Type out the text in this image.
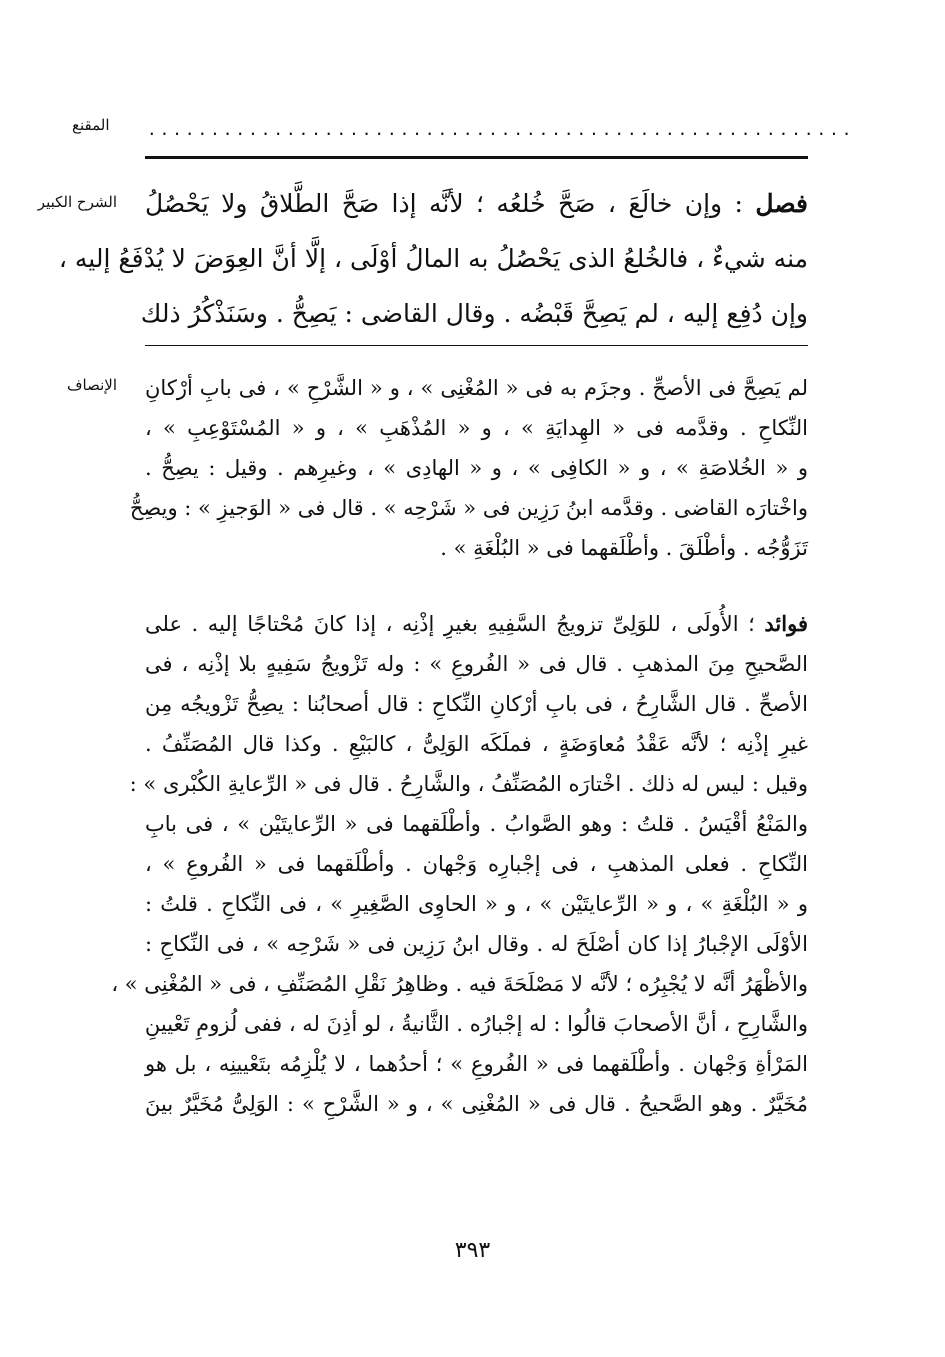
........................................................
المقنع
الشرح الكبير	فصل : وإن خالَعَ ، صَحَّ خُلعُه ؛ لأنَّه إذا صَحَّ الطَّلاقُ ولا يَحْصُلُ
منه شيءٌ ، فالخُلعُ الذى يَحْصُلُ به المالُ أوْلَى ، إلَّا أنَّ العِوَضَ لا يُدْفَعُ إليه ،
وإن دُفِع إليه ، لم يَصِحَّ قَبْضُه . وقال القاضى : يَصِحُّ . وسَنَذْكُرُ ذلك
الإنصاف لم يَصِحَّ فى الأصحِّ . وجزَم به فى « المُغْنِى » ، و « الشَّرْحِ » ، فى بابِ أرْكانِ
النِّكاحِ . وقدَّمه فى « الهِدايَةِ » ، و « المُذْهَبِ » ، و « المُسْتَوْعِبِ » ،
و « الخُلاصَةِ » ، و « الكافِى » ، و « الهادِى » ، وغيرِهم . وقيل : يصِحُّ .
واخْتارَه القاضى . وقدَّمه ابنُ رَزِين فى « شَرْحِه » . قال فى « الوَجيزِ » : ويصِحُّ
تَزَوُّجُه . وأطْلَقَ . وأطْلَقهما فى « البُلْغَةِ » .
فوائد ؛ الأُولَى ، للوَلِىِّ تزويجُ السَّفِيهِ بغيرِ إذْنِه ، إذا كانَ مُحْتاجًا إليه . على
الصَّحيحِ مِنَ المذهبِ . قال فى « الفُروعِ » : وله تَزْويجُ سَفِيهٍ بلا إذْنِه ، فى
الأصحِّ . قال الشَّارِحُ ، فى بابِ أرْكانِ النِّكاحِ : قال أصحابُنا : يصِحُّ تَزْويجُه مِن
غيرِ إذْنِه ؛ لأنَّه عَقْدُ مُعاوَضَةٍ ، فملَكَه الوَلِىُّ ، كالبَيْعِ . وكذا قال المُصَنِّفُ .
وقيل : ليس له ذلك . اخْتارَه المُصَنِّفُ ، والشَّارِحُ . قال فى « الرِّعايةِ الكُبْرى » :
والمَنْعُ أقْيَسُ . قلتُ : وهو الصَّوابُ . وأطْلَقهما فى « الرِّعايتَيْن » ، فى بابِ
النِّكاحِ . فعلى المذهبِ ، فى إجْبارِه وَجْهان . وأطْلَقهما فى « الفُروعِ » ،
و « البُلْغَةِ » ، و « الرِّعايتَيْن » ، و « الحاوِى الصَّغِيرِ » ، فى النِّكاحِ . قلتُ :
الأوْلَى الإجْبارُ إذا كان أصْلَحَ له . وقال ابنُ رَزِين فى « شَرْحِه » ، فى النِّكاحِ :
والأظْهَرُ أنَّه لا يُجْبِرُه ؛ لأنَّه لا مَصْلَحَةَ فيه . وظاهِرُ نَقْلِ المُصَنِّفِ ، فى « المُغْنِى » ،
والشَّارِحِ ، أنَّ الأصحابَ قالُوا : له إجْبارُه . الثَّانيةُ ، لو أذِنَ له ، ففى لُزومِ تَعْيينِ
المَرْأةِ وَجْهان . وأطْلَقهما فى « الفُروعِ » ؛ أحدُهما ، لا يُلْزِمُه بتَعْيينِه ، بل هو
مُخَيَّرٌ . وهو الصَّحيحُ . قال فى « المُغْنِى » ، و « الشَّرْحِ » : الوَلِىُّ مُخَيَّرٌ بينَ
٣٩٣
